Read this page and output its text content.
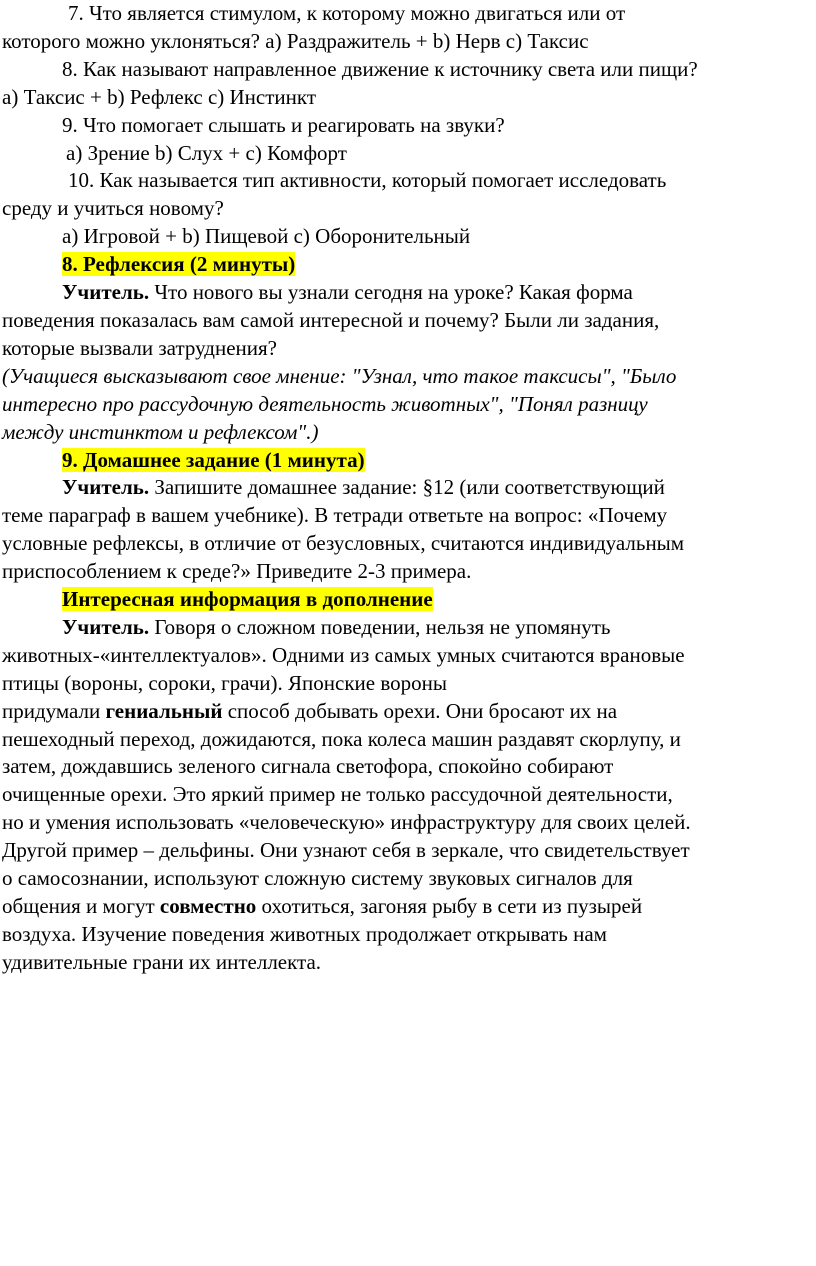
7. Что является стимулом, к которому можно двигаться или от
которого можно уклоняться? a) Раздражитель + b) Нерв c) Таксис
8. Как называют направленное движение к источнику света или пищи?
a) Таксис + b) Рефлекс c) Инстинкт
9. Что помогает слышать и реагировать на звуки?
a) Зрение b) Слух + c) Комфорт
10. Как называется тип активности, который помогает исследовать
среду и учиться новому?
a) Игровой + b) Пищевой c) Оборонительный
8. Рефлексия (2 минуты)
Учитель. Что нового вы узнали сегодня на уроке? Какая форма
поведения показалась вам самой интересной и почему? Были ли задания,
которые вызвали затруднения?
(Учащиеся высказывают свое мнение: "Узнал, что такое таксисы", "Было
интересно про рассудочную деятельность животных", "Понял разницу
между инстинктом и рефлексом".)
9. Домашнее задание (1 минута)
Учитель. Запишите домашнее задание: §12 (или соответствующий
теме параграф в вашем учебнике). В тетради ответьте на вопрос: «Почему
условные рефлексы, в отличие от безусловных, считаются индивидуальным
приспособлением к среде?» Приведите 2-3 примера.
Интересная информация в дополнение
Учитель. Говоря о сложном поведении, нельзя не упомянуть
животных-«интеллектуалов». Одними из самых умных считаются врановые
птицы (вороны, сороки, грачи). Японские вороны
придумали гениальный способ добывать орехи. Они бросают их на
пешеходный переход, дожидаются, пока колеса машин раздавят скорлупу, и
затем, дождавшись зеленого сигнала светофора, спокойно собирают
очищенные орехи. Это яркий пример не только рассудочной деятельности,
но и умения использовать «человеческую» инфраструктуру для своих целей.
Другой пример – дельфины. Они узнают себя в зеркале, что свидетельствует
о самосознании, используют сложную систему звуковых сигналов для
общения и могут совместно охотиться, загоняя рыбу в сети из пузырей
воздуха. Изучение поведения животных продолжает открывать нам
удивительные грани их интеллекта.
